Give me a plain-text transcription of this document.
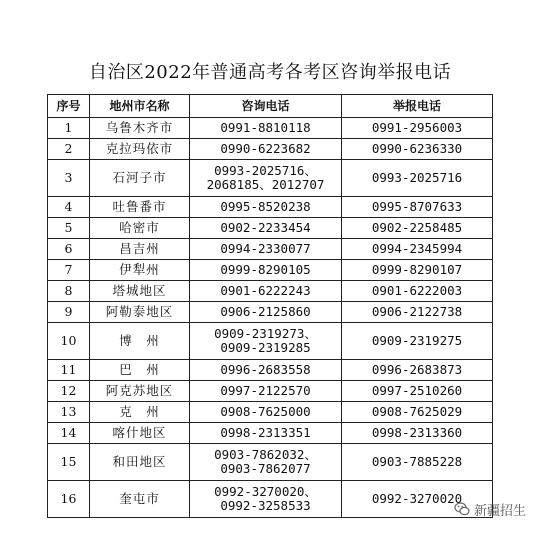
自治区2022年普通高考各考区咨询举报电话
序号	地州市名称	咨询电话	举报电话
1	乌鲁木齐市	0991-8810118	0991-2956003
2	克拉玛依市	0990-6223682	0990-6236330
3	石河子市	0993-2025716、
2068185、2012707	0993-2025716
4	吐鲁番市	0995-8520238	0995-8707633
5	哈密市	0902-2233454	0902-2258485
6	昌吉州	0994-2330077	0994-2345994
7	伊犁州	0999-8290105	0999-8290107
8	塔城地区	0901-6222243	0901-6222003
9	阿勒泰地区	0906-2125860	0906-2122738
10	博　州	0909-2319273、
0909-2319285	0909-2319275
11	巴　州	0996-2683558	0996-2683873
12	阿克苏地区	0997-2122570	0997-2510260
13	克　州	0908-7625000	0908-7625029
14	喀什地区	0998-2313351	0998-2313360
15	和田地区	0903-7862032、
0903-7862077	0903-7885228
16	奎屯市	0992-3270020、
0992-3258533	0992-3270020
新疆招生
